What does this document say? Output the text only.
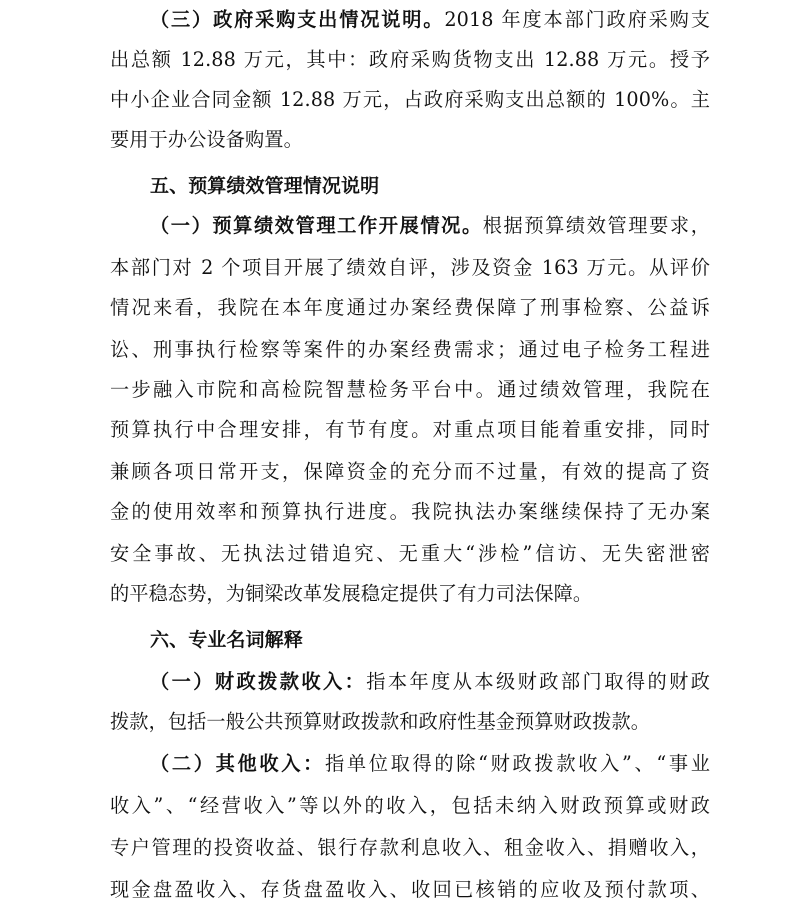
（三）政府采购支出情况说明。2018 年度本部门政府采购支
出总额 12.88 万元，其中：政府采购货物支出 12.88 万元。授予
中小企业合同金额 12.88 万元，占政府采购支出总额的 100%。主
要用于办公设备购置。
五、预算绩效管理情况说明
（一）预算绩效管理工作开展情况。根据预算绩效管理要求，
本部门对 2 个项目开展了绩效自评，涉及资金 163 万元。从评价
情况来看，我院在本年度通过办案经费保障了刑事检察、公益诉
讼、刑事执行检察等案件的办案经费需求；通过电子检务工程进
一步融入市院和高检院智慧检务平台中。通过绩效管理，我院在
预算执行中合理安排，有节有度。对重点项目能着重安排，同时
兼顾各项日常开支，保障资金的充分而不过量，有效的提高了资
金的使用效率和预算执行进度。我院执法办案继续保持了无办案
安全事故、无执法过错追究、无重大“涉检”信访、无失密泄密
的平稳态势，为铜梁改革发展稳定提供了有力司法保障。
六、专业名词解释
（一）财政拨款收入：指本年度从本级财政部门取得的财政
拨款，包括一般公共预算财政拨款和政府性基金预算财政拨款。
（二）其他收入：指单位取得的除“财政拨款收入”、“事业
收入”、“经营收入”等以外的收入，包括未纳入财政预算或财政
专户管理的投资收益、银行存款利息收入、租金收入、捐赠收入，
现金盘盈收入、存货盘盈收入、收回已核销的应收及预付款项、
